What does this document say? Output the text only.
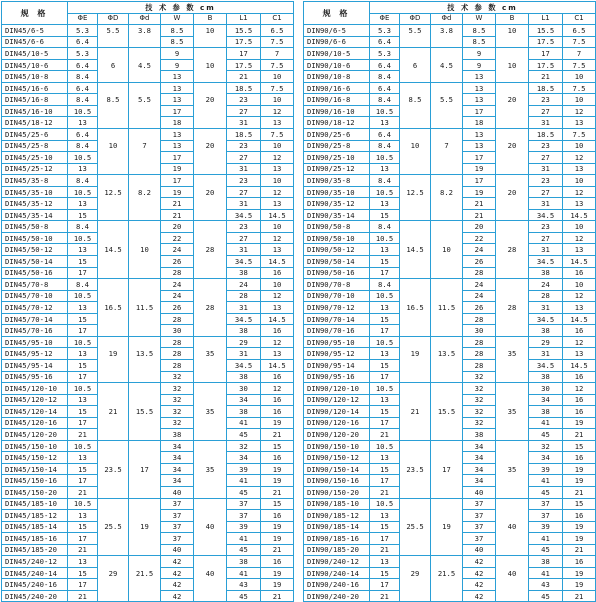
规 格	技 术 参 数 cm						
	ΦE	ΦD	Φd	W	B	L1	C1
DIN45/6-5	5.3	5.5	3.8	8.5	10	15.5	6.5
DIN45/6-6	6.4			8.5		17.5	7.5
DIN45/10-5	5.3			9		17	7
DIN45/10-6	6.4	6	4.5	9	10	17.5	7.5
DIN45/10-8	8.4			13		21	10
DIN45/16-6	6.4			13		18.5	7.5
DIN45/16-8	8.4	8.5	5.5	13	20	23	10
DIN45/16-10	10.5			17		27	12
DIN45/18-12	13			18		31	13
DIN45/25-6	6.4			13		18.5	7.5
DIN45/25-8	8.4	10	7	13	20	23	10
DIN45/25-10	10.5			17		27	12
DIN45/25-12	13			19		31	13
DIN45/35-8	8.4			17		23	10
DIN45/35-10	10.5	12.5	8.2	19	20	27	12
DIN45/35-12	13			21		31	13
DIN45/35-14	15			21		34.5	14.5
DIN45/50-8	8.4			20		23	10
DIN45/50-10	10.5			22		27	12
DIN45/50-12	13	14.5	10	24	28	31	13
DIN45/50-14	15			26		34.5	14.5
DIN45/50-16	17			28		38	16
DIN45/70-8	8.4			24		24	10
DIN45/70-10	10.5			24		28	12
DIN45/70-12	13	16.5	11.5	26	28	31	13
DIN45/70-14	15			28		34.5	14.5
DIN45/70-16	17			30		38	16
DIN45/95-10	10.5			28		29	12
DIN45/95-12	13	19	13.5	28	35	31	13
DIN45/95-14	15			28		34.5	14.5
DIN45/95-16	17			32		38	16
DIN45/120-10	10.5			32		30	12
DIN45/120-12	13			32		34	16
DIN45/120-14	15	21	15.5	32	35	38	16
DIN45/120-16	17			32		41	19
DIN45/120-20	21			38		45	21
DIN45/150-10	10.5			34		32	15
DIN45/150-12	13			34		34	16
DIN45/150-14	15	23.5	17	34	35	39	19
DIN45/150-16	17			34		41	19
DIN45/150-20	21			40		45	21
DIN45/185-10	10.5			37		37	15
DIN45/185-12	13			37		37	16
DIN45/185-14	15	25.5	19	37	40	39	19
DIN45/185-16	17			37		41	19
DIN45/185-20	21			40		45	21
DIN45/240-12	13			42		38	16
DIN45/240-14	15	29	21.5	42	40	41	19
DIN45/240-16	17			42		43	19
DIN45/240-20	21			42		45	21
规 格	技 术 参 数 cm						
	ΦE	ΦD	Φd	W	B	L1	C1
DIN90/6-5	5.3	5.5	3.8	8.5	10	15.5	6.5
DIN90/6-6	6.4			8.5		17.5	7.5
DIN90/10-5	5.3			9		17	7
DIN90/10-6	6.4	6	4.5	9	10	17.5	7.5
DIN90/10-8	8.4			13		21	10
DIN90/16-6	6.4			13		18.5	7.5
DIN90/16-8	8.4	8.5	5.5	13	20	23	10
DIN90/16-10	10.5			17		27	12
DIN90/18-12	13			18		31	13
DIN90/25-6	6.4			13		18.5	7.5
DIN90/25-8	8.4	10	7	13	20	23	10
DIN90/25-10	10.5			17		27	12
DIN90/25-12	13			19		31	13
DIN90/35-8	8.4			17		23	10
DIN90/35-10	10.5	12.5	8.2	19	20	27	12
DIN90/35-12	13			21		31	13
DIN90/35-14	15			21		34.5	14.5
DIN90/50-8	8.4			20		23	10
DIN90/50-10	10.5			22		27	12
DIN90/50-12	13	14.5	10	24	28	31	13
DIN90/50-14	15			26		34.5	14.5
DIN90/50-16	17			28		38	16
DIN90/70-8	8.4			24		24	10
DIN90/70-10	10.5			24		28	12
DIN90/70-12	13	16.5	11.5	26	28	31	13
DIN90/70-14	15			28		34.5	14.5
DIN90/70-16	17			30		38	16
DIN90/95-10	10.5			28		29	12
DIN90/95-12	13	19	13.5	28	35	31	13
DIN90/95-14	15			28		34.5	14.5
DIN90/95-16	17			32		38	16
DIN90/120-10	10.5			32		30	12
DIN90/120-12	13			32		34	16
DIN90/120-14	15	21	15.5	32	35	38	16
DIN90/120-16	17			32		41	19
DIN90/120-20	21			38		45	21
DIN90/150-10	10.5			34		32	15
DIN90/150-12	13			34		34	16
DIN90/150-14	15	23.5	17	34	35	39	19
DIN90/150-16	17			34		41	19
DIN90/150-20	21			40		45	21
DIN90/185-10	10.5			37		37	15
DIN90/185-12	13			37		37	16
DIN90/185-14	15	25.5	19	37	40	39	19
DIN90/185-16	17			37		41	19
DIN90/185-20	21			40		45	21
DIN90/240-12	13			42		38	16
DIN90/240-14	15	29	21.5	42	40	41	19
DIN90/240-16	17			42		43	19
DIN90/240-20	21			42		45	21
